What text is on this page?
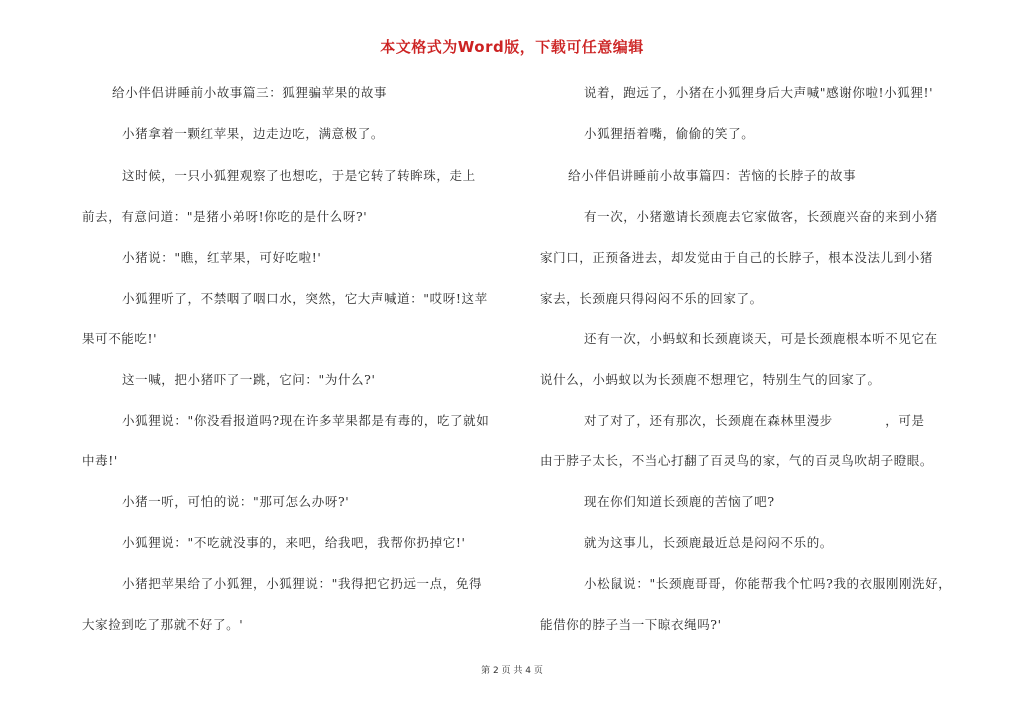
本文格式为Word版，下载可任意编辑
给小伴侣讲睡前小故事篇三：狐狸骗苹果的故事
小猪拿着一颗红苹果，边走边吃，满意极了。
这时候，一只小狐狸观察了也想吃，于是它转了转眸珠，走上
前去，有意问道："是猪小弟呀!你吃的是什么呀?'
小猪说："瞧，红苹果，可好吃啦!'
小狐狸听了，不禁咽了咽口水，突然，它大声喊道："哎呀!这苹
果可不能吃!'
这一喊，把小猪吓了一跳，它问："为什么?'
小狐狸说："你没看报道吗?现在许多苹果都是有毒的，吃了就如
中毒!'
小猪一听，可怕的说："那可怎么办呀?'
小狐狸说："不吃就没事的，来吧，给我吧，我帮你扔掉它!'
小猪把苹果给了小狐狸，小狐狸说："我得把它扔远一点，免得
大家捡到吃了那就不好了。'
说着，跑远了，小猪在小狐狸身后大声喊"感谢你啦!小狐狸!'
小狐狸捂着嘴，偷偷的笑了。
给小伴侣讲睡前小故事篇四：苦恼的长脖子的故事
有一次，小猪邀请长颈鹿去它家做客，长颈鹿兴奋的来到小猪
家门口，正预备进去，却发觉由于自己的长脖子，根本没法儿到小猪
家去，长颈鹿只得闷闷不乐的回家了。
还有一次，小蚂蚁和长颈鹿谈天，可是长颈鹿根本听不见它在
说什么，小蚂蚁以为长颈鹿不想理它，特别生气的回家了。
对了对了，还有那次，长颈鹿在森林里漫步　　　　，可是
由于脖子太长，不当心打翻了百灵鸟的家，气的百灵鸟吹胡子瞪眼。
现在你们知道长颈鹿的苦恼了吧?
就为这事儿，长颈鹿最近总是闷闷不乐的。
小松鼠说："长颈鹿哥哥，你能帮我个忙吗?我的衣服刚刚洗好，
能借你的脖子当一下晾衣绳吗?'
第 2 页 共 4 页
